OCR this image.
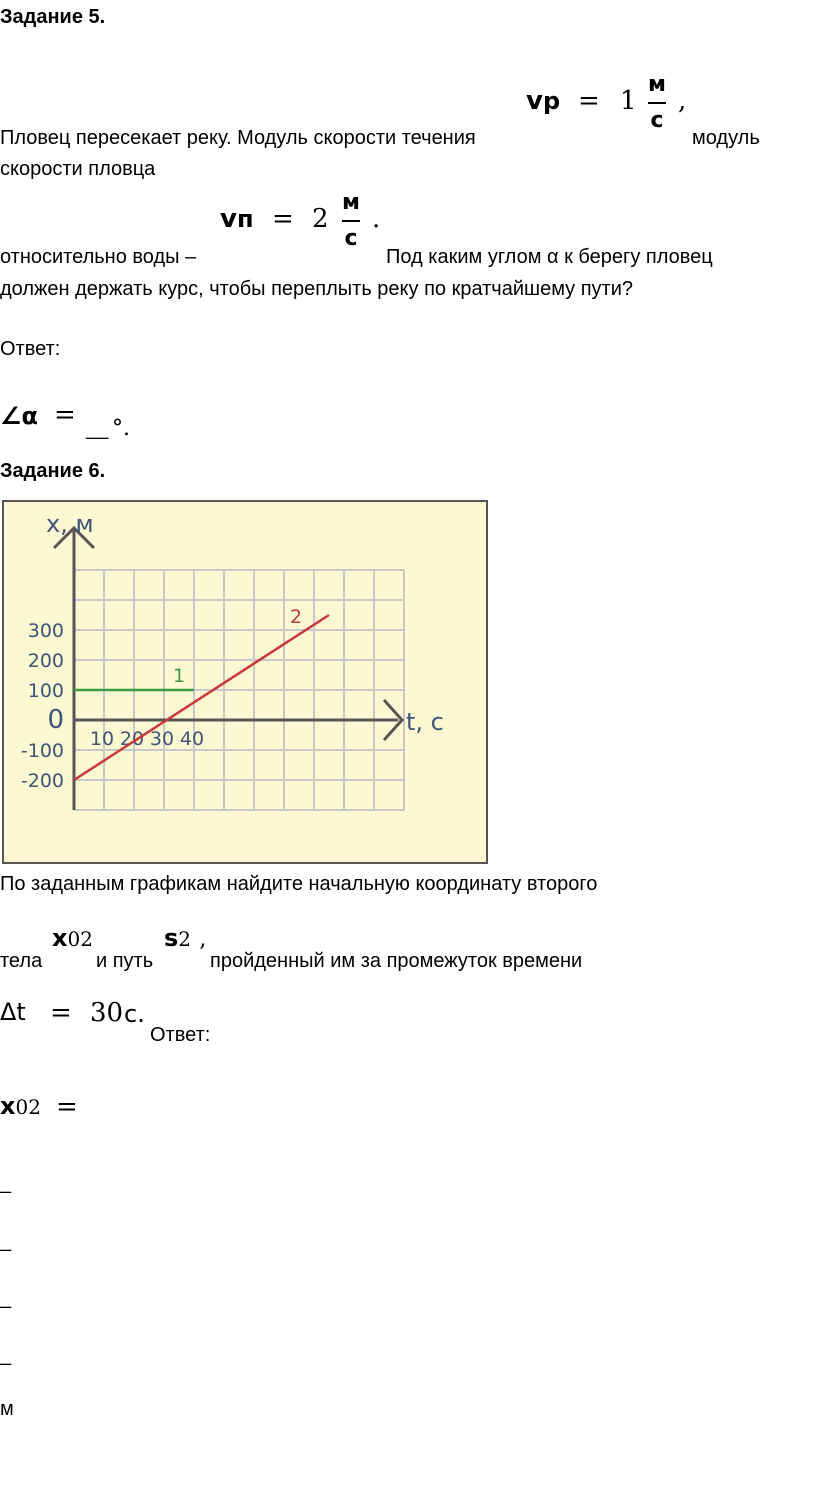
Задание 5.
vр = 1
м
с
,
Пловец пересекает реку. Модуль скорости течения	модуль
скорости пловца
vп = 2
м
с
.
относительно воды –	Под каким углом α к берегу пловец
должен держать курс, чтобы переплыть реку по кратчайшему пути?
Ответ:
∠α = __ °.
Задание 6.
x, м
t, c
0
300
200
100
-100
-200
10 20 30 40
1
2
По заданным графикам найдите начальную координату второго
тела
x02
и путь
s2 ,
пройденный им за промежуток времени
Δt = 30 с.
Ответ:
x02 =
_
_
_
_
м
